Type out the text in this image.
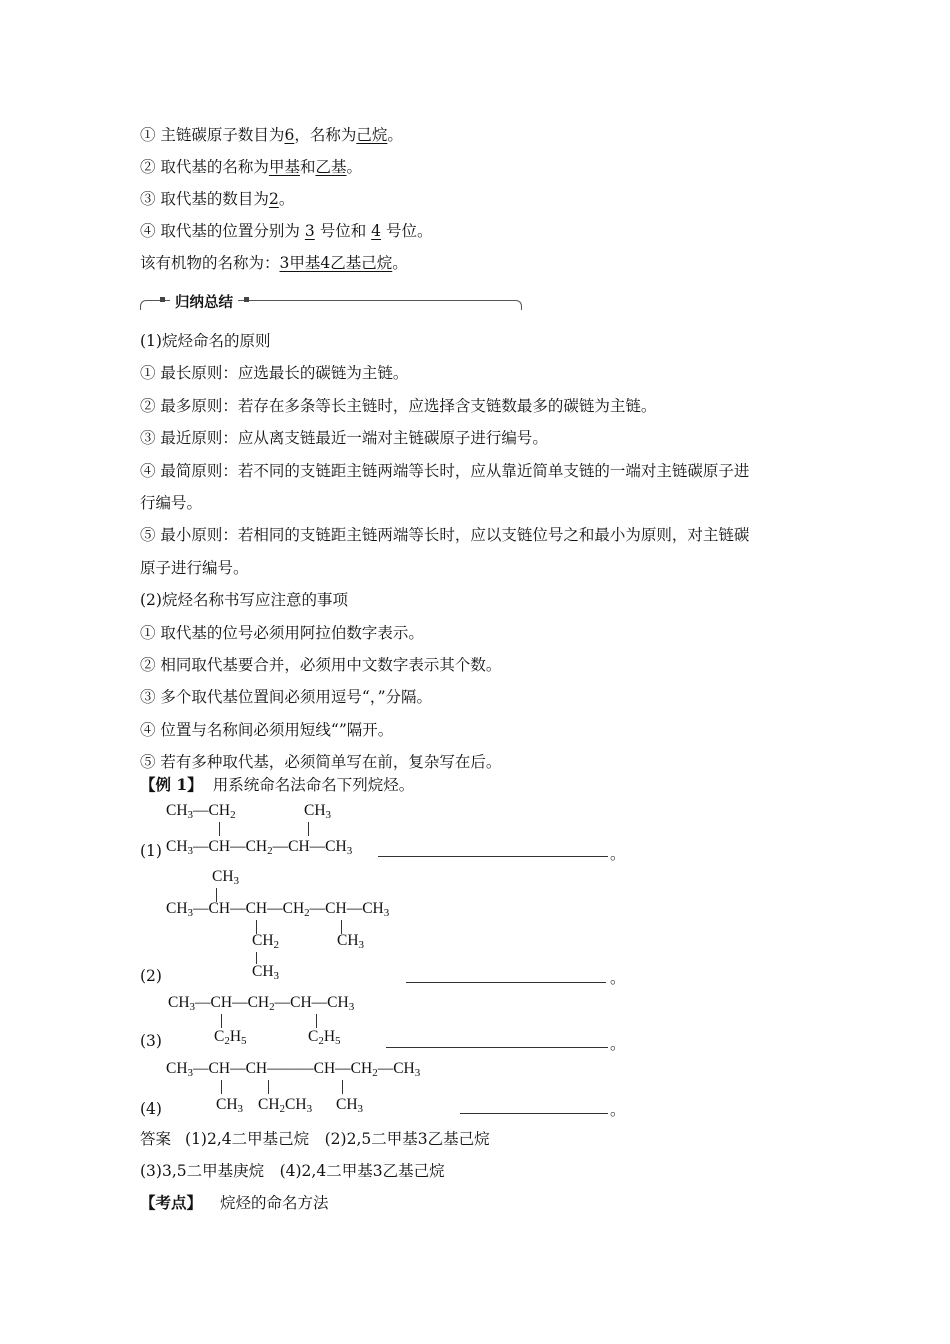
① 主链碳原子数目为6，名称为己烷。
② 取代基的名称为甲基和乙基。
③ 取代基的数目为2。
④ 取代基的位置分别为 3 号位和 4 号位。
该有机物的名称为：3甲基4乙基己烷。
归纳总结
(1)烷烃命名的原则
① 最长原则：应选最长的碳链为主链。
② 最多原则：若存在多条等长主链时，应选择含支链数最多的碳链为主链。
③ 最近原则：应从离支链最近一端对主链碳原子进行编号。
④ 最简原则：若不同的支链距主链两端等长时，应从靠近简单支链的一端对主链碳原子进
行编号。
⑤ 最小原则：若相同的支链距主链两端等长时，应以支链位号之和最小为原则，对主链碳
原子进行编号。
(2)烷烃名称书写应注意的事项
① 取代基的位号必须用阿拉伯数字表示。
② 相同取代基要合并，必须用中文数字表示其个数。
③ 多个取代基位置间必须用逗号“，”分隔。
④ 位置与名称间必须用短线“”隔开。
⑤ 若有多种取代基，必须简单写在前，复杂写在后。
【例 1】 用系统命名法命名下列烷烃。
$CH_3—CH_2$	$CH_3$
(1) $CH_3—CH—CH_2—CH—CH_3$	。
$CH_3$
$CH_3—CH—CH—CH_2—CH—CH_3$
$CH_2$	$CH_3$
$CH_3$
(2)	。
$CH_3—CH—CH_2—CH—CH_3$
$C_2H_5$	$C_2H_5$
(3)	。
$CH_3—CH—CH———CH—CH_2—CH_3$
$CH_3$ $CH_2CH_3$ $CH_3$
(4)	。
答案 (1)2,4二甲基己烷　(2)2,5二甲基3乙基己烷
(3)3,5二甲基庚烷　(4)2,4二甲基3乙基己烷
【考点】 烷烃的命名方法
